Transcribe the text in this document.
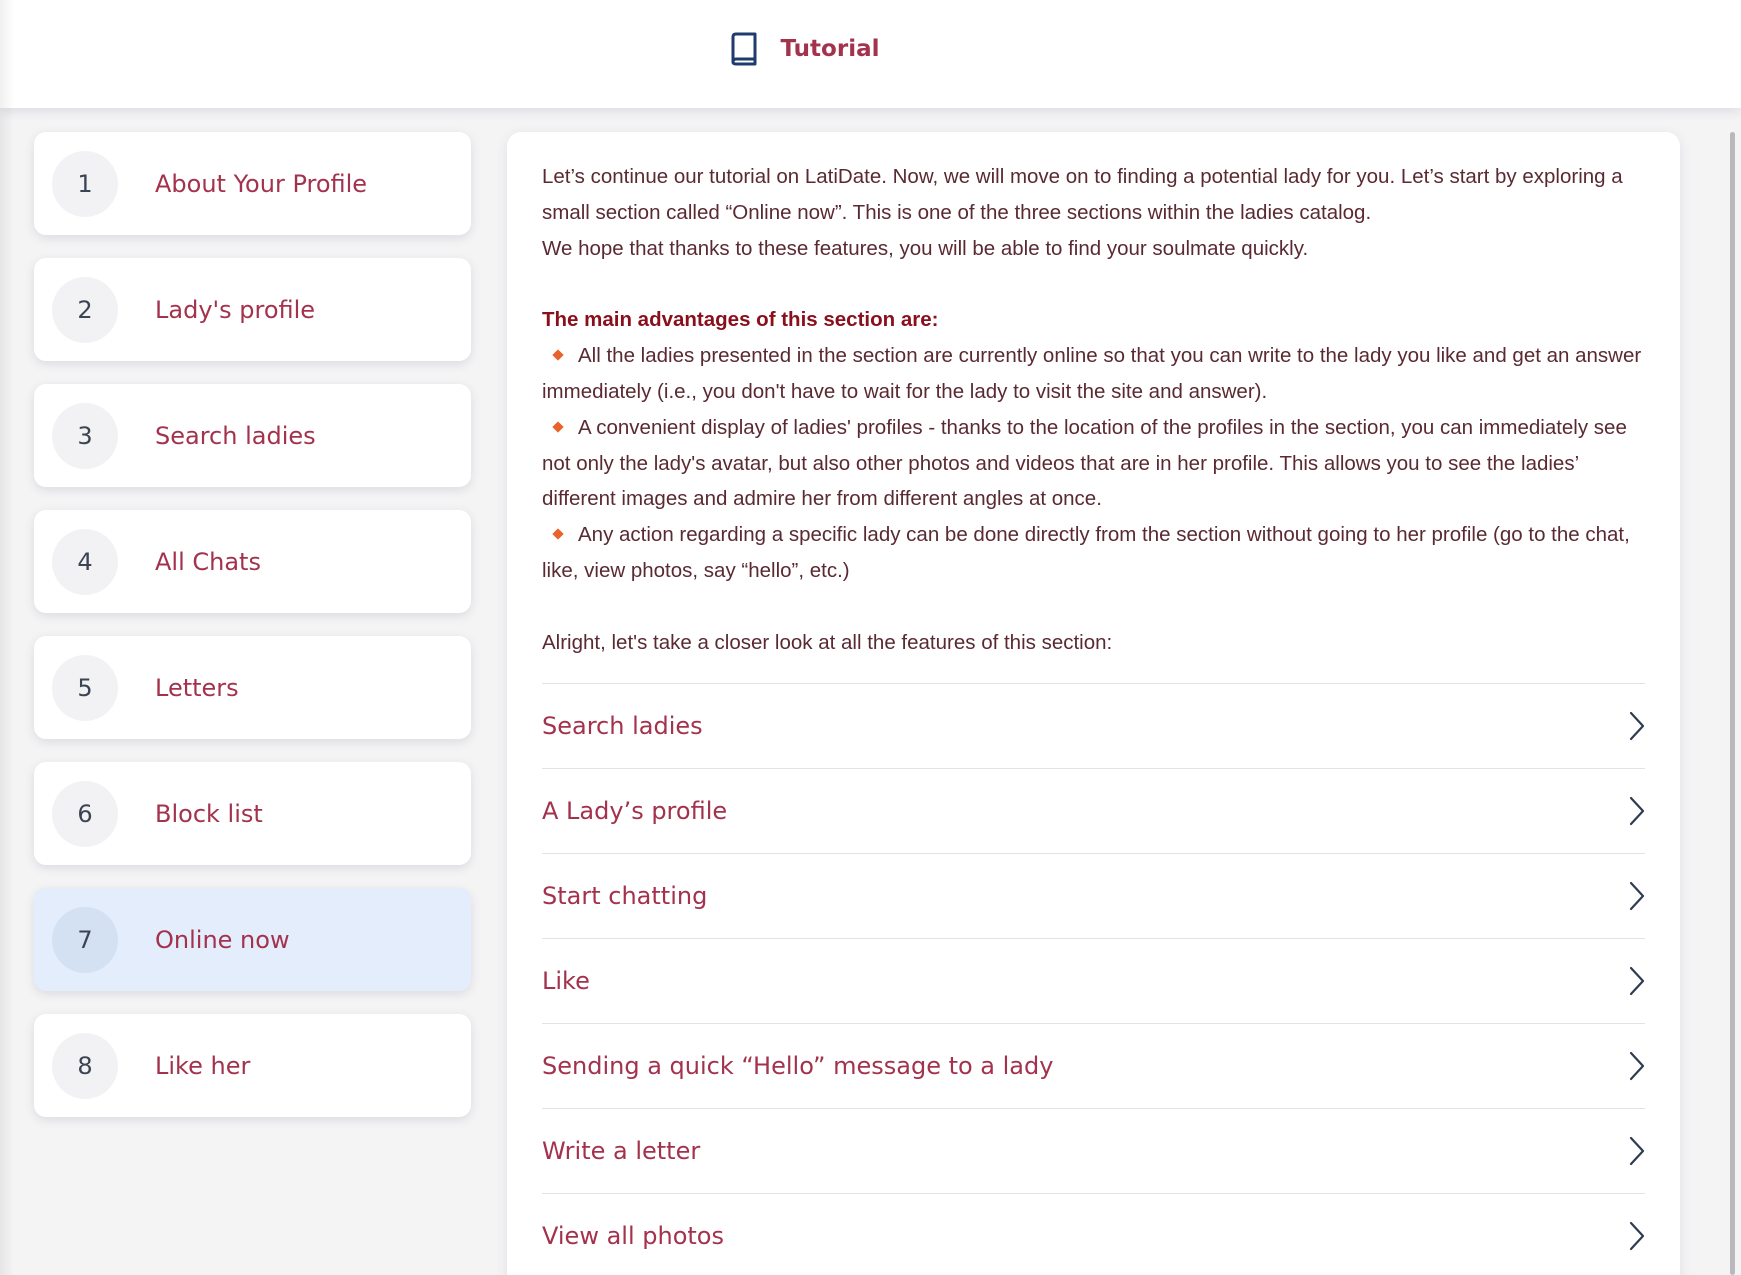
Tutorial
1	About Your Profile
2	Lady's profile
3	Search ladies
4	All Chats
5	Letters
6	Block list
7	Online now
8	Like her

Let’s continue our tutorial on LatiDate. Now, we will move on to finding a potential lady for you. Let’s start by exploring a small section called “Online now”. This is one of the three sections within the ladies catalog.

We hope that thanks to these features, you will be able to find your soulmate quickly.

The main advantages of this section are:
All the ladies presented in the section are currently online so that you can write to the lady you like and get an answer immediately (i.e., you don't have to wait for the lady to visit the site and answer).
A convenient display of ladies' profiles - thanks to the location of the profiles in the section, you can immediately see not only the lady's avatar, but also other photos and videos that are in her profile. This allows you to see the ladies’ different images and admire her from different angles at once.
Any action regarding a specific lady can be done directly from the section without going to her profile (go to the chat, like, view photos, say “hello”, etc.)

Alright, let's take a closer look at all the features of this section:

Search ladies
A Lady’s profile
Start chatting
Like
Sending a quick “Hello” message to a lady
Write a letter
View all photos
